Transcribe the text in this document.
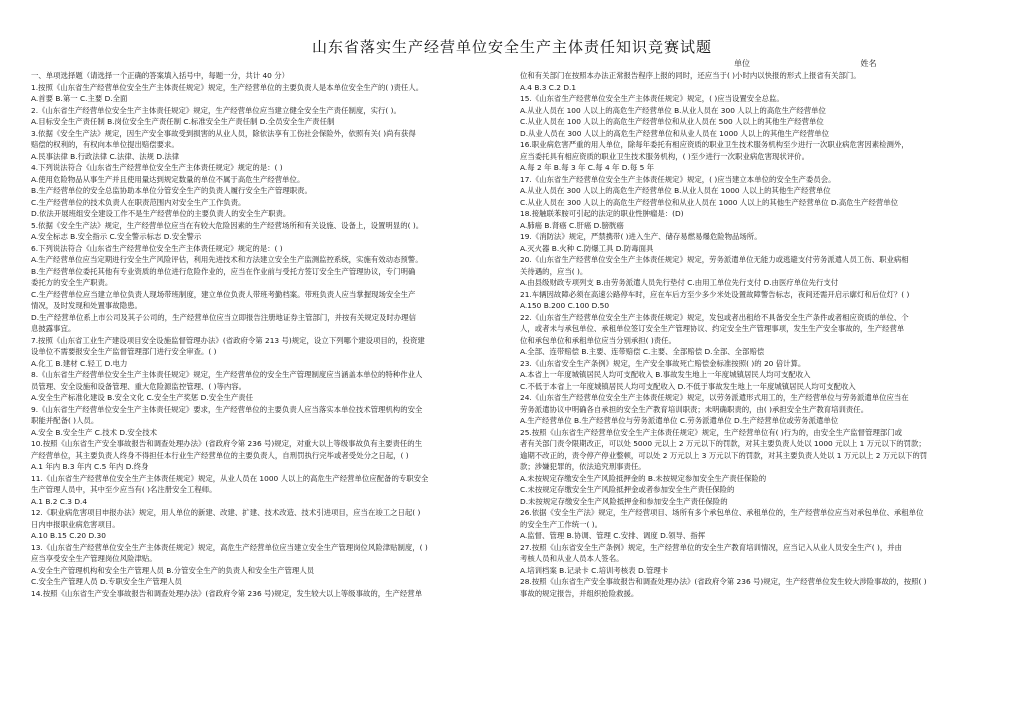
山东省落实生产经营单位安全生产主体责任知识竞赛试题
单位	姓名
一、单项选择题（请选择一个正确的答案填入括号中，每题一分，共计 40 分）
1.按照《山东省生产经营单位安全生产主体责任规定》规定，生产经营单位的主要负责人是本单位安全生产的( )责任人。
A.首要 B.第一 C.主要 D.全面
2.《山东省生产经营单位安全生产主体责任规定》规定，生产经营单位应当建立健全安全生产责任制度，实行( )。
A.目标安全生产责任制 B.岗位安全生产责任制 C.标准安全生产责任制 D.全员安全生产责任制
3.依据《安全生产法》规定，因生产安全事故受到损害的从业人员，除依法享有工伤社会保险外，依照有关( )尚有获得
赔偿的权利的，有权向本单位提出赔偿要求。
A.民事法律 B.行政法律 C.法律、法规 D.法律
4.下列说法符合《山东省生产经营单位安全生产主体责任规定》规定的是：( )
A.使用危险物品从事生产并且使用量达到规定数量的单位不属于高危生产经营单位。
B.生产经营单位的安全总监协助本单位分管安全生产的负责人履行安全生产管理职责。
C.生产经营单位的技术负责人在职责范围内对安全生产工作负责。
D.依法开展班组安全建设工作不是生产经营单位的主要负责人的安全生产职责。
5.依据《安全生产法》规定，生产经营单位应当在有较大危险因素的生产经营场所和有关设施、设备上，设置明显的( )。
A.安全标志 B.安全指示 C.安全警示标志 D.安全警示
6.下列说法符合《山东省生产经营单位安全生产主体责任规定》规定的是：( )
A.生产经营单位应当定期进行安全生产风险评估，利用先进技术和方法建立安全生产监测监控系统，实施有效动态预警。
B.生产经营单位委托其他有专业资质的单位进行危险作业的，应当在作业前与受托方签订安全生产管理协议，专门明确
委托方的安全生产职责。
C.生产经营单位应当建立单位负责人现场带班制度，建立单位负责人带班考勤档案。带班负责人应当掌握现场安全生产
情况，及时发现和处置事故隐患。
D.生产经营单位系上市公司及其子公司的，生产经营单位应当立即报告注册地证券主管部门，并按有关规定及时办理信
息披露事宜。
7.按照《山东省工业生产建设项目安全设施监督管理办法》(省政府令第 213 号)规定，设立下列哪个建设项目的，投资建
设单位不需要报安全生产监督管理部门进行安全审查。( )
A.化工 B.建材 C.轻工 D.电力
8.《山东省生产经营单位安全生产主体责任规定》规定，生产经营单位的安全生产管理制度应当涵盖本单位的特种作业人
员管理、安全设施和设备管理、重大危险源监控管理、( )等内容。
A.安全生产标准化建设 B.安全文化 C.安全生产奖惩 D.安全生产责任
9.《山东省生产经营单位安全生产主体责任规定》要求，生产经营单位的主要负责人应当落实本单位技术管理机构的安全
职能并配备( )人员。
A.安全 B.安全生产 C.技术 D.安全技术
10.按照《山东省生产安全事故报告和调查处理办法》(省政府令第 236 号)规定，对重大以上等级事故负有主要责任的生
产经营单位，其主要负责人终身不得担任本行业生产经营单位的主要负责人，自刑罚执行完毕或者受处分之日起，( )
A.1 年内 B.3 年内 C.5 年内 D.终身
11.《山东省生产经营单位安全生产主体责任规定》规定，从业人员在 1000 人以上的高危生产经营单位应配备的专职安全
生产管理人员中，其中至少应当有( )名注册安全工程师。
A.1 B.2 C.3 D.4
12.《职业病危害项目申报办法》规定，用人单位的新建、改建、扩建、技术改造、技术引进项目，应当在竣工之日起( )
日内申报职业病危害项目。
A.10 B.15 C.20 D.30
13.《山东省生产经营单位安全生产主体责任规定》规定，高危生产经营单位应当建立安全生产管理岗位风险津贴制度，( )
应当享受安全生产管理岗位风险津贴。
A.安全生产管理机构和安全生产管理人员 B.分管安全生产的负责人和安全生产管理人员
C.安全生产管理人员 D.专职安全生产管理人员
14.按照《山东省生产安全事故报告和调查处理办法》(省政府令第 236 号)规定，发生较大以上等级事故的，生产经营单
位和有关部门在按照本办法正常报告程序上报的同时，还应当于( )小时内以快报的形式上报省有关部门。
A.4 B.3 C.2 D.1
15.《山东省生产经营单位安全生产主体责任规定》规定，( )应当设置安全总监。
A.从业人员在 100 人以上的高危生产经营单位 B.从业人员在 300 人以上的高危生产经营单位
C.从业人员在 100 人以上的高危生产经营单位和从业人员在 500 人以上的其他生产经营单位
D.从业人员在 300 人以上的高危生产经营单位和从业人员在 1000 人以上的其他生产经营单位
16.职业病危害严重的用人单位，除每年委托有相应资质的职业卫生技术服务机构至少进行一次职业病危害因素检测外，
应当委托具有相应资质的职业卫生技术服务机构，( )至少进行一次职业病危害现状评价。
A.每 2 年 B.每 3 年 C.每 4 年 D.每 5 年
17.《山东省生产经营单位安全生产主体责任规定》规定，( )应当建立本单位的安全生产委员会。
A.从业人员在 300 人以上的高危生产经营单位 B.从业人员在 1000 人以上的其他生产经营单位
C.从业人员在 300 人以上的高危生产经营单位和从业人员在 1000 人以上的其他生产经营单位 D.高危生产经营单位
18.接触联苯胺可引起的法定的职业性肿瘤是：(D)
A.肺癌 B.肾癌 C.肝癌 D.膀胱癌
19.《消防法》规定，严禁携带( )进入生产、储存易燃易爆危险物品场所。
A.灭火器 B.火种 C.防爆工具 D.防毒面具
20.《山东省生产经营单位安全生产主体责任规定》规定，劳务派遣单位无能力或逃避支付劳务派遣人员工伤、职业病相
关待遇的，应当( )。
A.由县级财政专项列支 B.由劳务派遣人员先行垫付 C.由用工单位先行支付 D.由医疗单位先行支付
21.车辆因故障必须在高速公路停车时，应在车后方至少多少米处设置故障警告标志，夜间还需开启示廓灯和后位灯？( )
A.150 B.200 C.100 D.50
22.《山东省生产经营单位安全生产主体责任规定》规定，发包或者出租给不具备安全生产条件或者相应资质的单位、个
人，或者未与承包单位、承租单位签订安全生产管理协议、约定安全生产管理事项，发生生产安全事故的，生产经营单
位和承包单位和承租单位应当分别承担( )责任。
A.全部、连带赔偿 B.主要、连带赔偿 C.主要、全部赔偿 D.全部、全部赔偿
23.《山东省安全生产条例》规定，生产安全事故死亡赔偿金标准按照( )的 20 倍计算。
A.本省上一年度城镇居民人均可支配收入 B.事故发生地上一年度城镇居民人均可支配收入
C.不低于本省上一年度城镇居民人均可支配收入 D.不低于事故发生地上一年度城镇居民人均可支配收入
24.《山东省生产经营单位安全生产主体责任规定》规定，以劳务派遣形式用工的，生产经营单位与劳务派遣单位应当在
劳务派遣协议中明确各自承担的安全生产教育培训职责；未明确职责的，由( )承担安全生产教育培训责任。
A.生产经营单位 B.生产经营单位与劳务派遣单位 C.劳务派遣单位 D.生产经营单位或劳务派遣单位
25.按照《山东省生产经营单位安全生产主体责任规定》规定，生产经营单位有( )行为的，由安全生产监督管理部门或
者有关部门责令限期改正，可以处 5000 元以上 2 万元以下的罚款，对其主要负责人处以 1000 元以上 1 万元以下的罚款；
逾期不改正的，责令停产停业整顿，可以处 2 万元以上 3 万元以下的罚款，对其主要负责人处以 1 万元以上 2 万元以下的罚
款；涉嫌犯罪的，依法追究刑事责任。
A.未按规定存缴安全生产风险抵押金的 B.未按规定参加安全生产责任保险的
C.未按规定存缴安全生产风险抵押金或者参加安全生产责任保险的
D.未按规定存缴安全生产风险抵押金和参加安全生产责任保险的
26.依据《安全生产法》规定，生产经营项目、场所有多个承包单位、承租单位的，生产经营单位应当对承包单位、承租单位
的安全生产工作统一( )。
A.监督、管理 B.协调、管理 C.安排、调度 D.领导、指挥
27.按照《山东省安全生产条例》规定，生产经营单位的安全生产教育培训情况，应当记入从业人员安全生产( )，并由
考核人员和从业人员本人签名。
A.培训档案 B.记录卡 C.培训考核表 D.管理卡
28.按照《山东省生产安全事故报告和调查处理办法》(省政府令第 236 号)规定，生产经营单位发生较大涉险事故的，按照( )
事故的规定报告，并组织抢险救援。
